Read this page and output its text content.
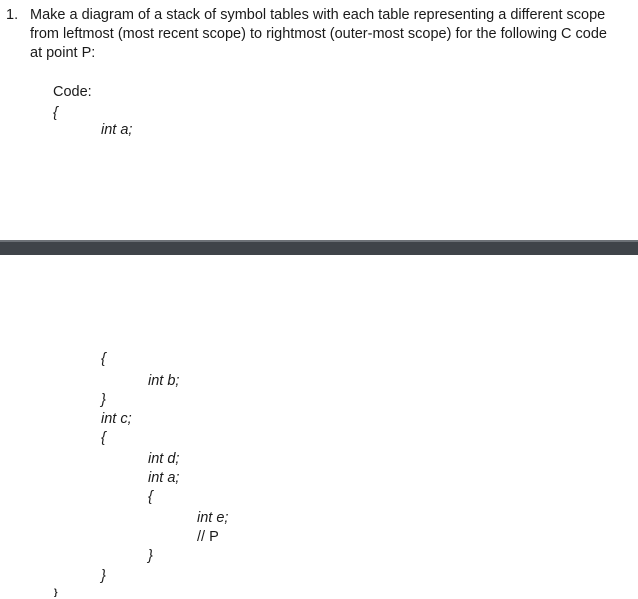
1. Make a diagram of a stack of symbol tables with each table representing a different scope
from leftmost (most recent scope) to rightmost (outer-most scope) for the following C code
at point P:
Code:
{
int a;
{
int b;
}
int c;
{
int d;
int a;
{
int e;
// P
}
}
}
